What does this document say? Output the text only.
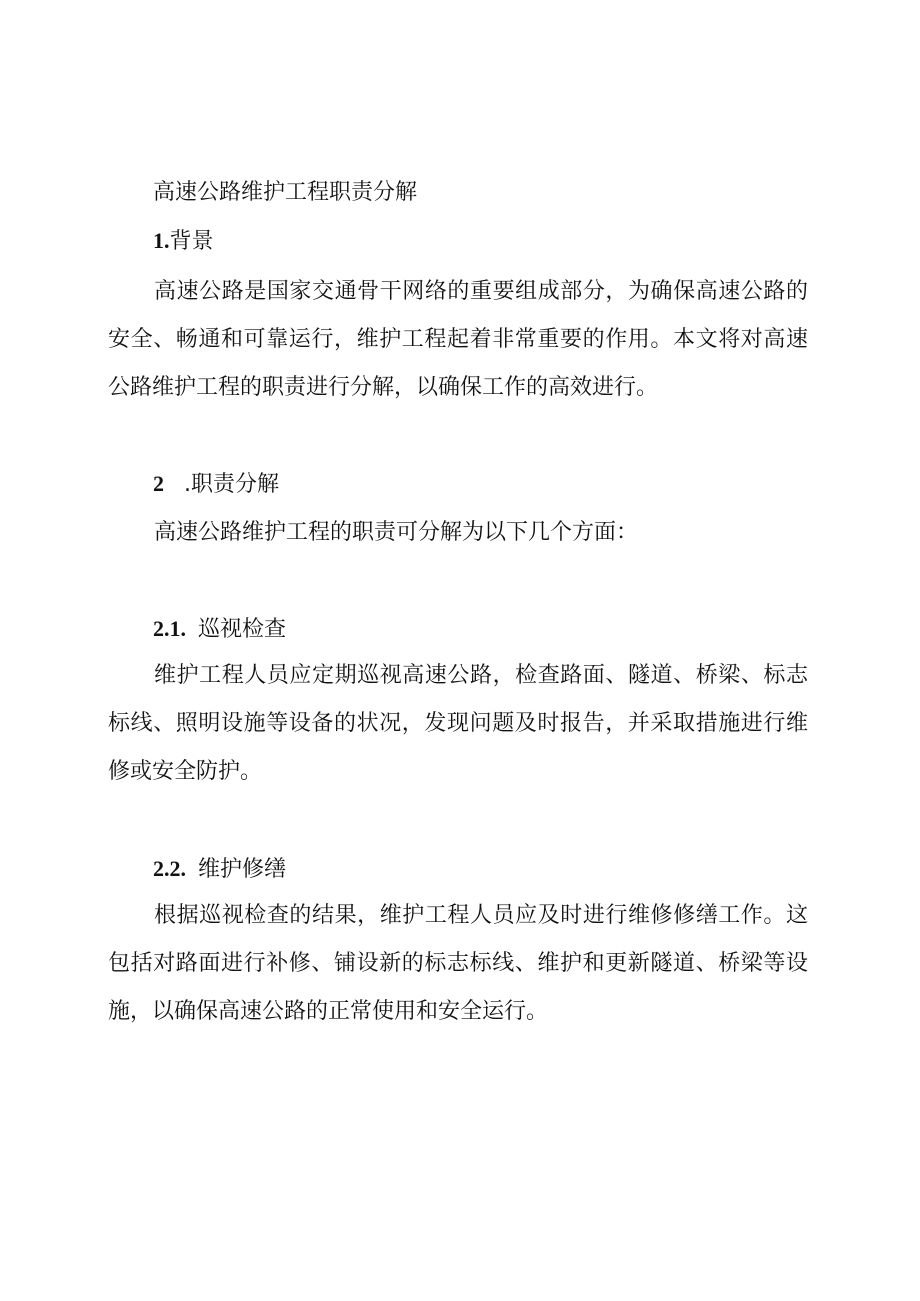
高速公路维护工程职责分解
1.背景

高速公路是国家交通骨干网络的重要组成部分，为确保高速公路的安全、畅通和可靠运行，维护工程起着非常重要的作用。本文将对高速公路维护工程的职责进行分解，以确保工作的高效进行。

2 .职责分解

高速公路维护工程的职责可分解为以下几个方面：

2.1. 巡视检查

维护工程人员应定期巡视高速公路，检查路面、隧道、桥梁、标志标线、照明设施等设备的状况，发现问题及时报告，并采取措施进行维修或安全防护。

2.2. 维护修缮

根据巡视检查的结果，维护工程人员应及时进行维修修缮工作。这包括对路面进行补修、铺设新的标志标线、维护和更新隧道、桥梁等设施，以确保高速公路的正常使用和安全运行。
